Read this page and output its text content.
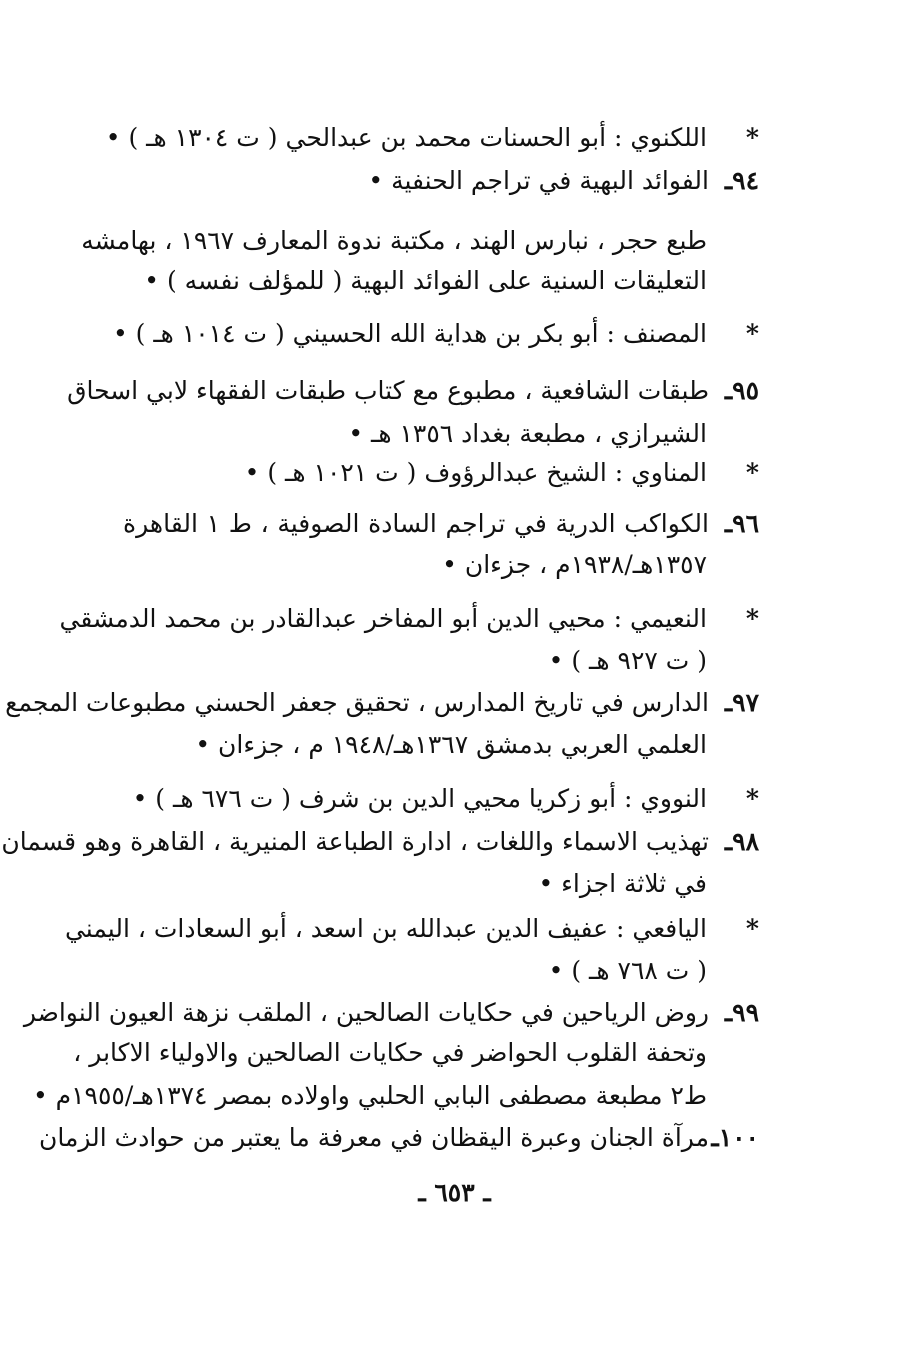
*اللكنوي : أبو الحسنات محمد بن عبدالحي ( ت ١٣٠٤ هـ ) •
٩٤ـالفوائد البهية في تراجم الحنفية •
طبع حجر ، نبارس الهند ، مكتبة ندوة المعارف ١٩٦٧ ، بهامشه
التعليقات السنية على الفوائد البهية ( للمؤلف نفسه ) •
*المصنف : أبو بكر بن هداية الله الحسيني ( ت ١٠١٤ هـ ) •
٩٥ـطبقات الشافعية ، مطبوع مع كتاب طبقات الفقهاء لابي اسحاق
الشيرازي ، مطبعة بغداد ١٣٥٦ هـ •
*المناوي : الشيخ عبدالرؤوف ( ت ١٠٢١ هـ ) •
٩٦ـالكواكب الدرية في تراجم السادة الصوفية ، ط ١ القاهرة
١٣٥٧هـ/١٩٣٨م ، جزءان •
*النعيمي : محيي الدين أبو المفاخر عبدالقادر بن محمد الدمشقي
( ت ٩٢٧ هـ ) •
٩٧ـالدارس في تاريخ المدارس ، تحقيق جعفر الحسني مطبوعات المجمع
العلمي العربي بدمشق ١٣٦٧هـ/١٩٤٨ م ، جزءان •
*النووي : أبو زكريا محيي الدين بن شرف ( ت ٦٧٦ هـ ) •
٩٨ـتهذيب الاسماء واللغات ، ادارة الطباعة المنيرية ، القاهرة وهو قسمان
في ثلاثة اجزاء •
*اليافعي : عفيف الدين عبدالله بن اسعد ، أبو السعادات ، اليمني
( ت ٧٦٨ هـ ) •
٩٩ـروض الرياحين في حكايات الصالحين ، الملقب نزهة العيون النواضر
وتحفة القلوب الحواضر في حكايات الصالحين والاولياء الاكابر ،
ط٢ مطبعة مصطفى البابي الحلبي واولاده بمصر ١٣٧٤هـ/١٩٥٥م •
١٠٠ـمرآة الجنان وعبرة اليقظان في معرفة ما يعتبر من حوادث الزمان
ـ ٦٥٣ ـ
